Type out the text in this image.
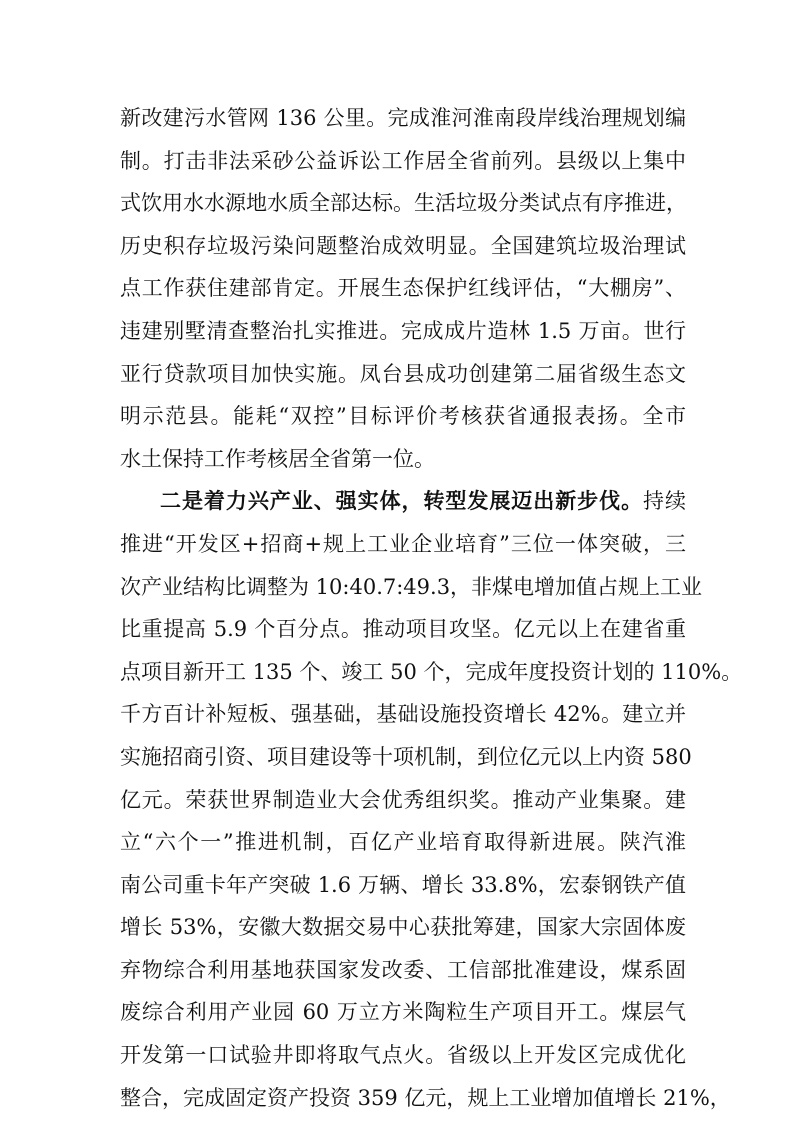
新改建污水管网 136 公里。完成淮河淮南段岸线治理规划编
制。打击非法采砂公益诉讼工作居全省前列。县级以上集中
式饮用水水源地水质全部达标。生活垃圾分类试点有序推进，
历史积存垃圾污染问题整治成效明显。全国建筑垃圾治理试
点工作获住建部肯定。开展生态保护红线评估，“大棚房”、
违建别墅清查整治扎实推进。完成成片造林 1.5 万亩。世行
亚行贷款项目加快实施。凤台县成功创建第二届省级生态文
明示范县。能耗“双控”目标评价考核获省通报表扬。全市
水土保持工作考核居全省第一位。
二是着力兴产业、强实体，转型发展迈出新步伐。持续
推进“开发区+招商+规上工业企业培育”三位一体突破，三
次产业结构比调整为 10:40.7:49.3，非煤电增加值占规上工业
比重提高 5.9 个百分点。推动项目攻坚。亿元以上在建省重
点项目新开工 135 个、竣工 50 个，完成年度投资计划的 110%。
千方百计补短板、强基础，基础设施投资增长 42%。建立并
实施招商引资、项目建设等十项机制，到位亿元以上内资 580
亿元。荣获世界制造业大会优秀组织奖。推动产业集聚。建
立“六个一”推进机制，百亿产业培育取得新进展。陕汽淮
南公司重卡年产突破 1.6 万辆、增长 33.8%，宏泰钢铁产值
增长 53%，安徽大数据交易中心获批筹建，国家大宗固体废
弃物综合利用基地获国家发改委、工信部批准建设，煤系固
废综合利用产业园 60 万立方米陶粒生产项目开工。煤层气
开发第一口试验井即将取气点火。省级以上开发区完成优化
整合，完成固定资产投资 359 亿元，规上工业增加值增长 21%，
